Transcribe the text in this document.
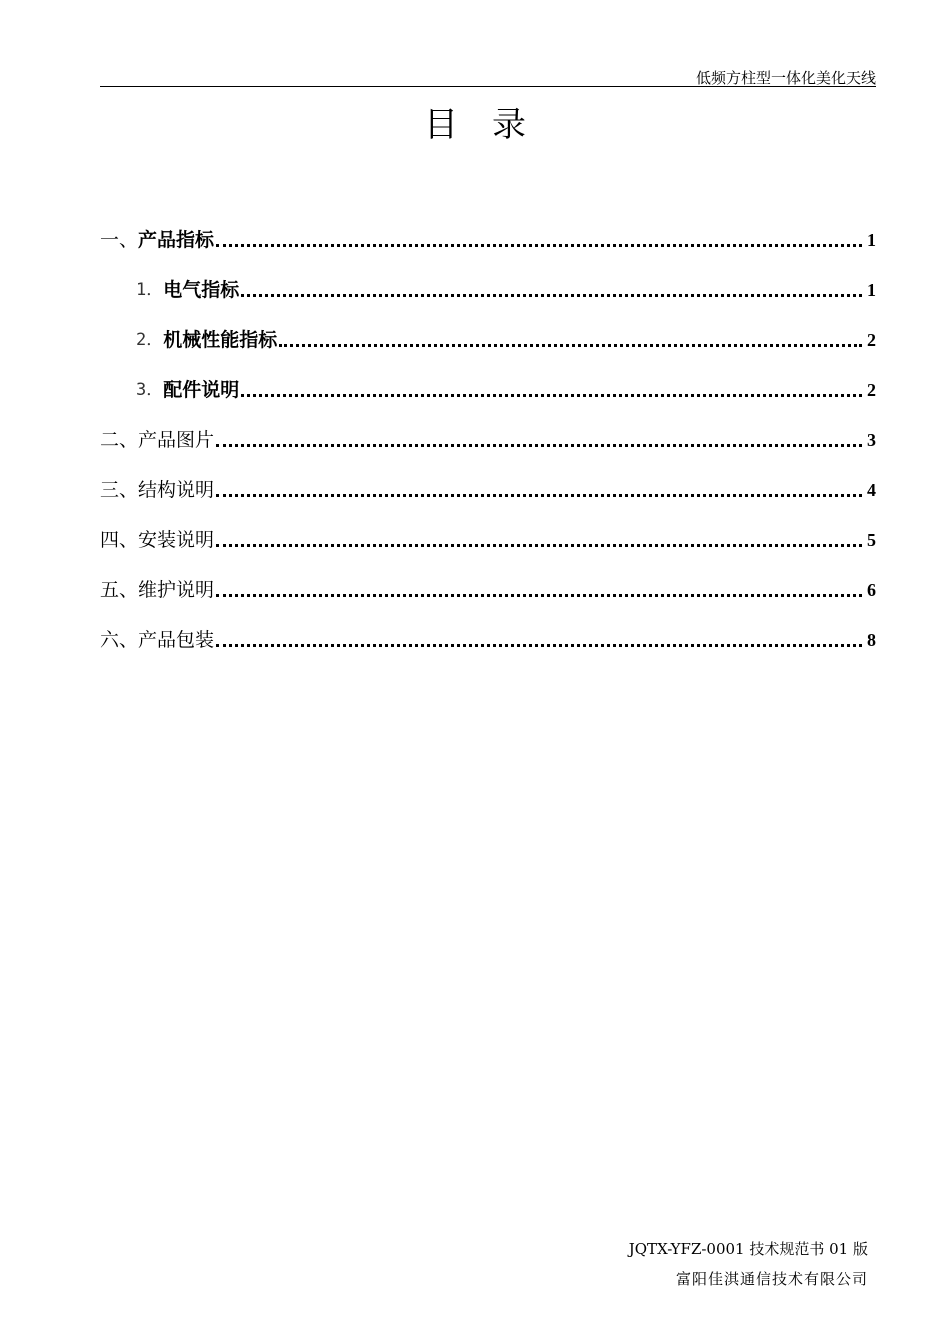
低频方柱型一体化美化天线
目录
一、 产品指标	1
1． 电气指标	1
2． 机械性能指标	2
3． 配件说明	2
二、 产品图片	3
三、 结构说明	4
四、 安装说明	5
五、 维护说明	6
六、 产品包装	8
JQTX-YFZ-0001 技术规范书 01 版
富阳佳淇通信技术有限公司
